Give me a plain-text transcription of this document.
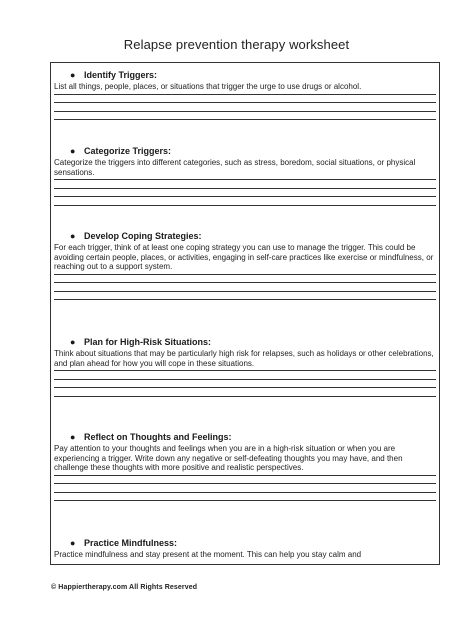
Relapse prevention therapy worksheet
● Identify Triggers:
List all things, people, places, or situations that trigger the urge to use drugs or alcohol.
● Categorize Triggers:
Categorize the triggers into different categories, such as stress, boredom, social situations, or physical sensations.
● Develop Coping Strategies:
For each trigger, think of at least one coping strategy you can use to manage the trigger. This could be avoiding certain people, places, or activities, engaging in self-care practices like exercise or mindfulness, or reaching out to a support system.
● Plan for High-Risk Situations:
Think about situations that may be particularly high risk for relapses, such as holidays or other celebrations, and plan ahead for how you will cope in these situations.
● Reflect on Thoughts and Feelings:
Pay attention to your thoughts and feelings when you are in a high-risk situation or when you are experiencing a trigger. Write down any negative or self-defeating thoughts you may have, and then challenge these thoughts with more positive and realistic perspectives.
● Practice Mindfulness:
Practice mindfulness and stay present at the moment. This can help you stay calm and
© Happiertherapy.com All Rights Reserved
